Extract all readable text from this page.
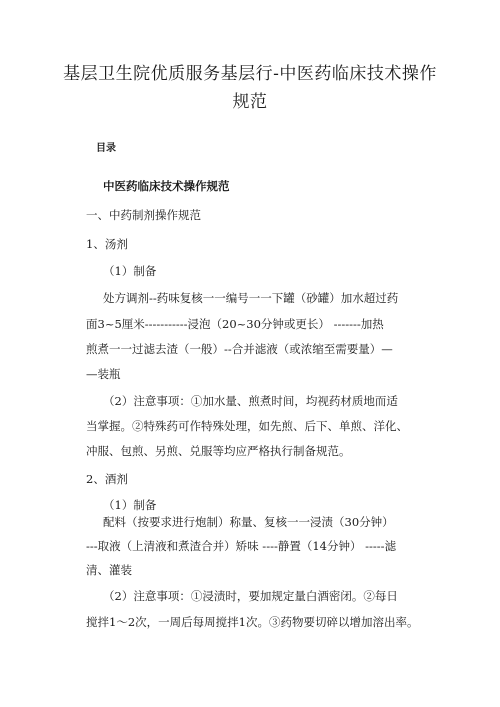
基层卫生院优质服务基层行-中医药临床技术操作
规范
目录
中医药临床技术操作规范
一、中药制剂操作规范
1、汤剂
（1）制备
处方调剂--药味复核一一编号一一下罐（砂罐）加水超过药
面3~5厘米-----------浸泡（20~30分钟或更长） -------加热
煎煮一一过滤去渣（一般）--合并滤液（或浓缩至需要量）—
—装瓶
（2）注意事项：①加水量、煎煮时间，均视药材质地而适
当掌握。②特殊药可作特殊处理，如先煎、后下、单煎、洋化、
冲服、包煎、另煎、兑服等均应严格执行制备规范。
2、酒剂
（1）制备
配料（按要求进行炮制）称量、复核一一浸渍（30分钟）
---取液（上清液和煮渣合并）矫味 ----静置（14分钟） -----滤
清、灌装
（2）注意事项：①浸渍时，要加规定量白酒密闭。②每日
搅拌1～2次，一周后每周搅拌1次。③药物要切碎以增加溶出率。
